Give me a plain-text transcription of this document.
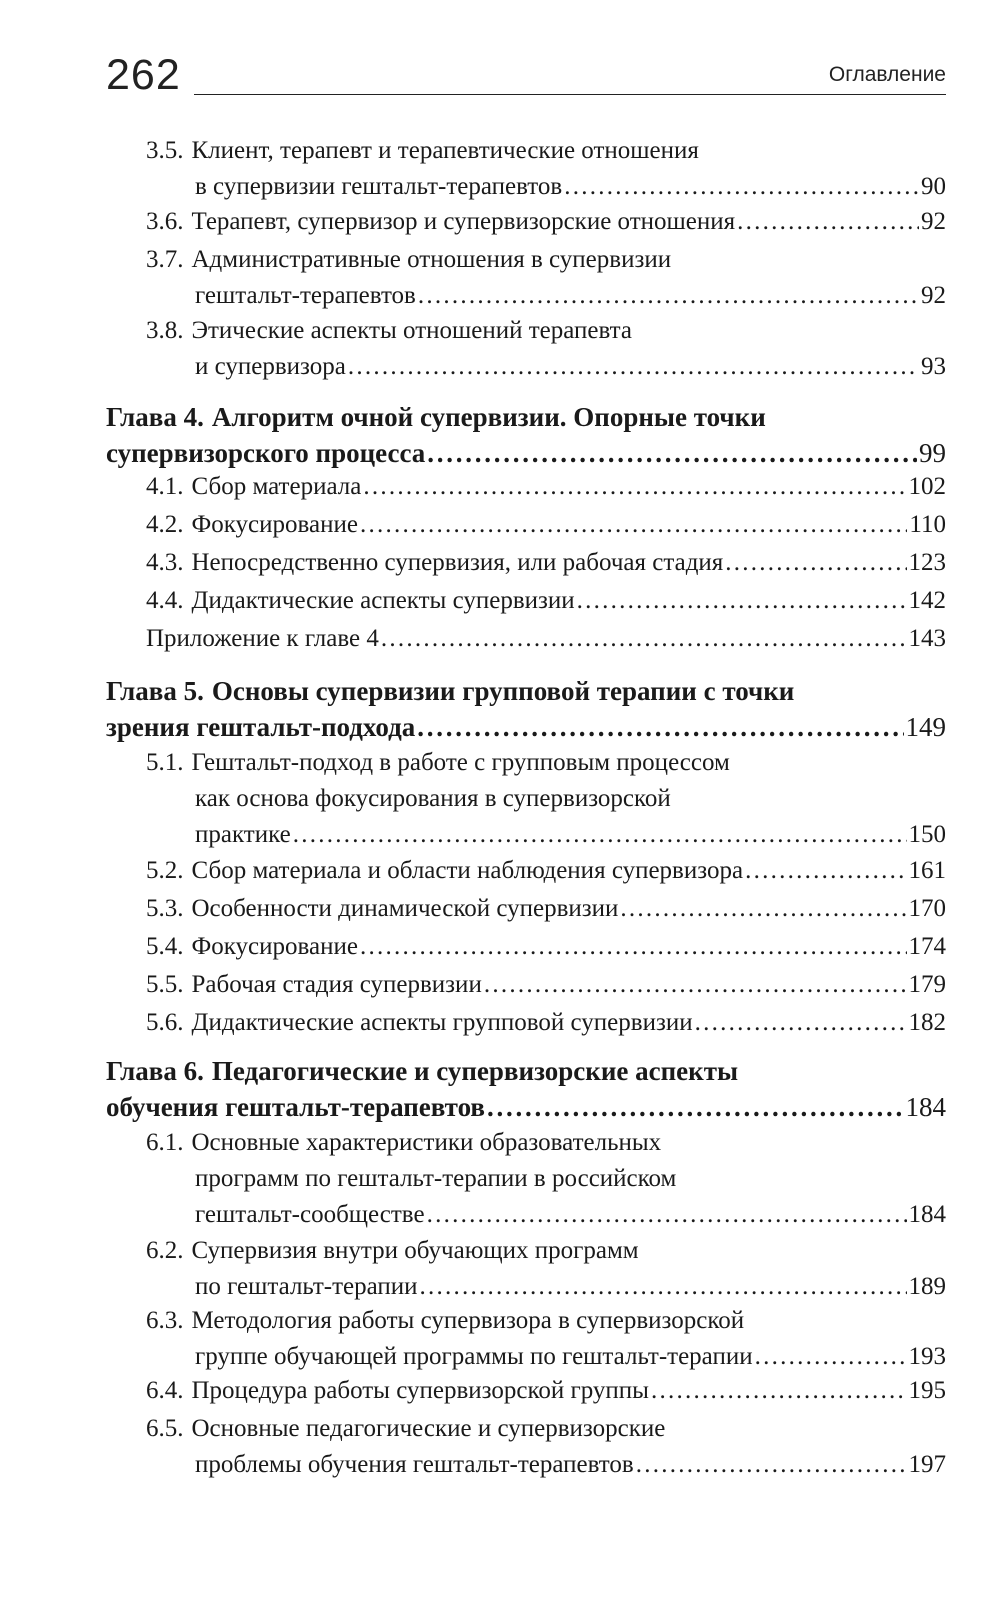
262	Оглавление
3.5. Клиент, терапевт и терапевтические отношения
в супервизии гештальт-терапевтов . . .	90
3.6. Терапевт, супервизор и супервизорские отношения . . .	92
3.7. Административные отношения в супервизии
гештальт-терапевтов . . .	92
3.8. Этические аспекты отношений терапевта
и супервизора . . .	93
Глава 4. Алгоритм очной супервизии. Опорные точки
супервизорского процесса . . .	99
4.1. Сбор материала . . .	102
4.2. Фокусирование . . .	110
4.3. Непосредственно супервизия, или рабочая стадия . . .	123
4.4. Дидактические аспекты супервизии . . .	142
Приложение к главе 4 . . .	143
Глава 5. Основы супервизии групповой терапии с точки
зрения гештальт-подхода . . .	149
5.1. Гештальт-подход в работе с групповым процессом
как основа фокусирования в супервизорской
практике . . .	150
5.2. Сбор материала и области наблюдения супервизора . . .	161
5.3. Особенности динамической супервизии . . .	170
5.4. Фокусирование . . .	174
5.5. Рабочая стадия супервизии . . .	179
5.6. Дидактические аспекты групповой супервизии . . .	182
Глава 6. Педагогические и супервизорские аспекты
обучения гештальт-терапевтов . . .	184
6.1. Основные характеристики образовательных
программ по гештальт-терапии в российском
гештальт-сообществе . . .	184
6.2. Супервизия внутри обучающих программ
по гештальт-терапии . . .	189
6.3. Методология работы супервизора в супервизорской
группе обучающей программы по гештальт-терапии . . .	193
6.4. Процедура работы супервизорской группы . . .	195
6.5. Основные педагогические и супервизорские
проблемы обучения гештальт-терапевтов . . .	197
